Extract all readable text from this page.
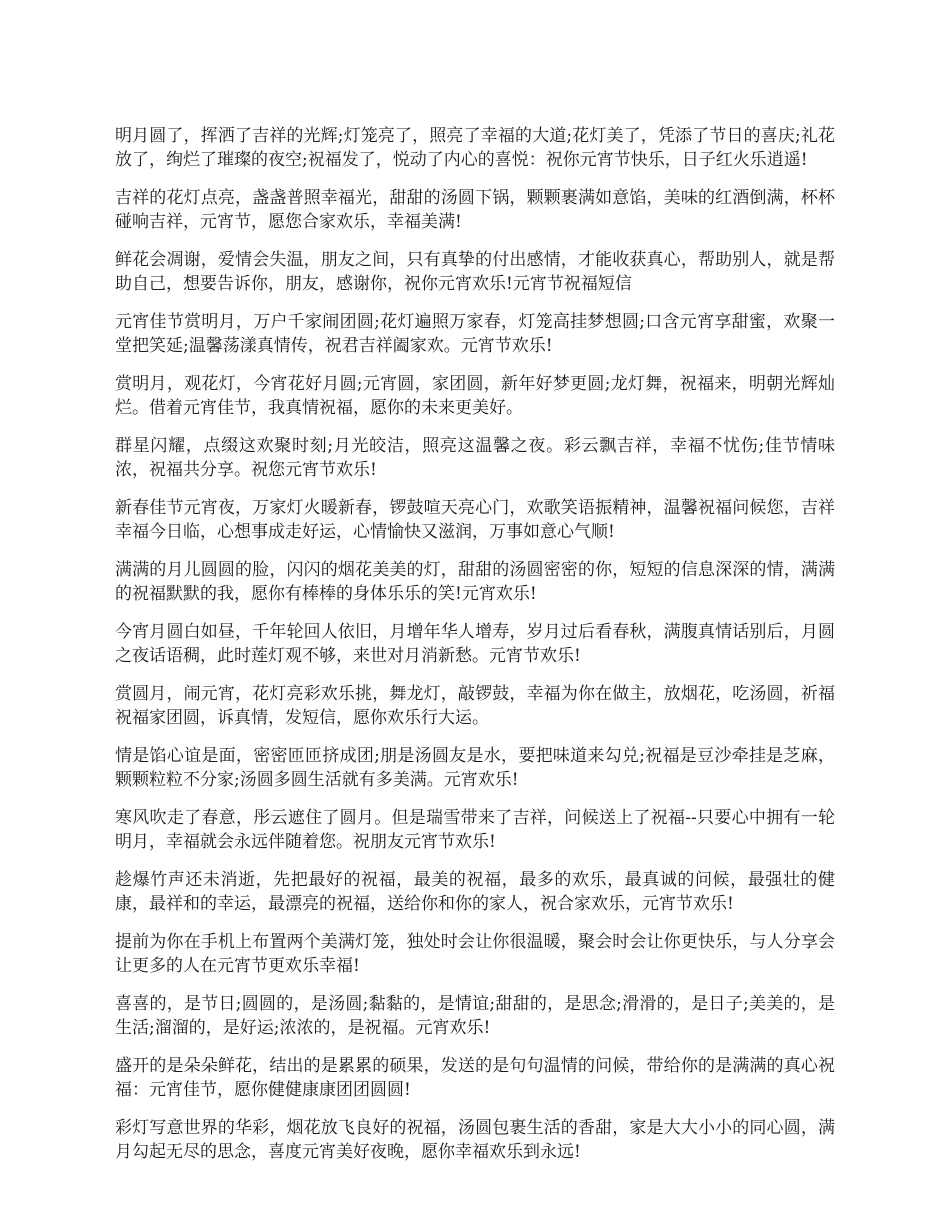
明月圆了，挥洒了吉祥的光辉;灯笼亮了，照亮了幸福的大道;花灯美了，凭添了节日的喜庆;礼花放了，绚烂了璀璨的夜空;祝福发了，悦动了内心的喜悦：祝你元宵节快乐，日子红火乐逍遥!

吉祥的花灯点亮，盏盏普照幸福光，甜甜的汤圆下锅，颗颗裹满如意馅，美味的红酒倒满，杯杯碰响吉祥，元宵节，愿您合家欢乐，幸福美满!

鲜花会凋谢，爱情会失温，朋友之间，只有真挚的付出感情，才能收获真心，帮助别人，就是帮助自己，想要告诉你，朋友，感谢你，祝你元宵欢乐!元宵节祝福短信

元宵佳节赏明月，万户千家闹团圆;花灯遍照万家春，灯笼高挂梦想圆;口含元宵享甜蜜，欢聚一堂把笑延;温馨荡漾真情传，祝君吉祥阖家欢。元宵节欢乐!

赏明月，观花灯，今宵花好月圆;元宵圆，家团圆，新年好梦更圆;龙灯舞，祝福来，明朝光辉灿烂。借着元宵佳节，我真情祝福，愿你的未来更美好。

群星闪耀，点缀这欢聚时刻;月光皎洁，照亮这温馨之夜。彩云飘吉祥，幸福不忧伤;佳节情味浓，祝福共分享。祝您元宵节欢乐!

新春佳节元宵夜，万家灯火暖新春，锣鼓喧天亮心门，欢歌笑语振精神，温馨祝福问候您，吉祥幸福今日临，心想事成走好运，心情愉快又滋润，万事如意心气顺!

满满的月儿圆圆的脸，闪闪的烟花美美的灯，甜甜的汤圆密密的你，短短的信息深深的情，满满的祝福默默的我，愿你有棒棒的身体乐乐的笑!元宵欢乐!

今宵月圆白如昼，千年轮回人依旧，月增年华人增寿，岁月过后看春秋，满腹真情话别后，月圆之夜话语稠，此时莲灯观不够，来世对月消新愁。元宵节欢乐!

赏圆月，闹元宵，花灯亮彩欢乐挑，舞龙灯，敲锣鼓，幸福为你在做主，放烟花，吃汤圆，祈福祝福家团圆，诉真情，发短信，愿你欢乐行大运。

情是馅心谊是面，密密匝匝挤成团;朋是汤圆友是水，要把味道来勾兑;祝福是豆沙牵挂是芝麻，颗颗粒粒不分家;汤圆多圆生活就有多美满。元宵欢乐!

寒风吹走了春意，彤云遮住了圆月。但是瑞雪带来了吉祥，问候送上了祝福--只要心中拥有一轮明月，幸福就会永远伴随着您。祝朋友元宵节欢乐!

趁爆竹声还未消逝，先把最好的祝福，最美的祝福，最多的欢乐，最真诚的问候，最强壮的健康，最祥和的幸运，最漂亮的祝福，送给你和你的家人，祝合家欢乐，元宵节欢乐!

提前为你在手机上布置两个美满灯笼，独处时会让你很温暖，聚会时会让你更快乐，与人分享会让更多的人在元宵节更欢乐幸福!

喜喜的，是节日;圆圆的，是汤圆;黏黏的，是情谊;甜甜的，是思念;滑滑的，是日子;美美的，是生活;溜溜的，是好运;浓浓的，是祝福。元宵欢乐!

盛开的是朵朵鲜花，结出的是累累的硕果，发送的是句句温情的问候，带给你的是满满的真心祝福：元宵佳节，愿你健健康康团团圆圆!

彩灯写意世界的华彩，烟花放飞良好的祝福，汤圆包裹生活的香甜，家是大大小小的同心圆，满月勾起无尽的思念，喜度元宵美好夜晚，愿你幸福欢乐到永远!
